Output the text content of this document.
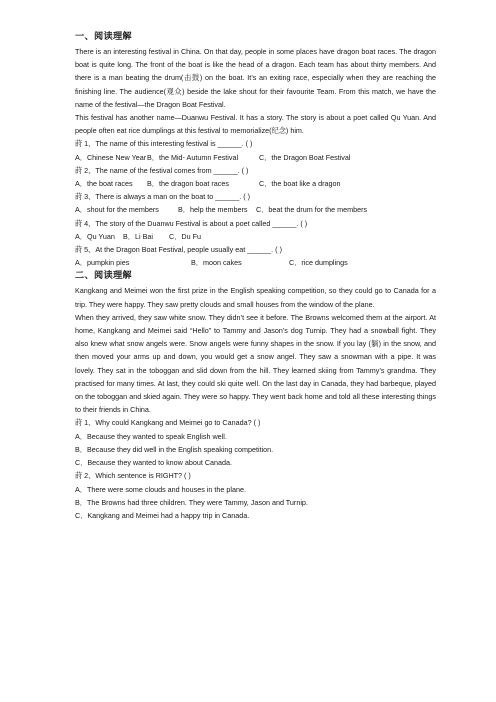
一、阅读理解

There is an interesting festival in China. On that day, people in some places have dragon boat races. The dragon boat is quite long. The front of the boat is like the head of a dragon. Each team has about thirty members. And there is a man beating the drum(击鼓) on the boat. It’s an exiting race, especially when they are reaching the finishing line. The audience(观众) beside the lake shout for their favourite Team. From this match, we have the name of the festival—the Dragon Boat Festival.

This festival has another name—Duanwu Festival. It has a story. The story is about a poet called Qu Yuan. And people often eat rice dumplings at this festival to memorialize(纪念) him.

莳 1、The name of this interesting festival is ______. ( )

A．Chinese New Year B．the Mid- Autumn Festival	C．the Dragon Boat Festival

莳 2、The name of the festival comes from ______. ( )

A．the boat races B．the dragon boat races	C．the boat like a dragon

莳 3、There is always a man on the boat to ______. ( )

A．shout for the members	B．help the members C．beat the drum for the members

莳 4、The story of the Duanwu Festival is about a poet called ______. ( )

A．Qu Yuan B．Li Bai C．Du Fu

莳 5、At the Dragon Boat Festival, people usually eat ______. ( )

A．pumpkin pies	B．moon cakes	C．rice dumplings

二、阅读理解

Kangkang and Meimei won the first prize in the English speaking competition, so they could go to Canada for a trip. They were happy. They saw pretty clouds and small houses from the window of the plane.

When they arrived, they saw white snow. They didn’t see it before. The Browns welcomed them at the airport. At home, Kangkang and Meimei said “Hello” to Tammy and Jason’s dog Turnip. They had a snowball fight. They also knew what snow angels were. Snow angels were funny shapes in the snow. If you lay (躺) in the snow, and then moved your arms up and down, you would get a snow angel. They saw a snowman with a pipe. It was lovely. They sat in the toboggan and slid down from the hill. They learned skiing from Tammy’s grandma. They practised for many times. At last, they could ski quite well. On the last day in Canada, they had barbeque, played on the toboggan and skied again. They were so happy. They went back home and told all these interesting things to their friends in China.

莳 1、Why could Kangkang and Meimei go to Canada? ( )

A．Because they wanted to speak English well.
B．Because they did well in the English speaking competition.
C．Because they wanted to know about Canada.

莳 2、Which sentence is RIGHT? ( )

A．There were some clouds and houses in the plane.
B．The Browns had three children. They were Tammy, Jason and Turnip.
C．Kangkang and Meimei had a happy trip in Canada.
